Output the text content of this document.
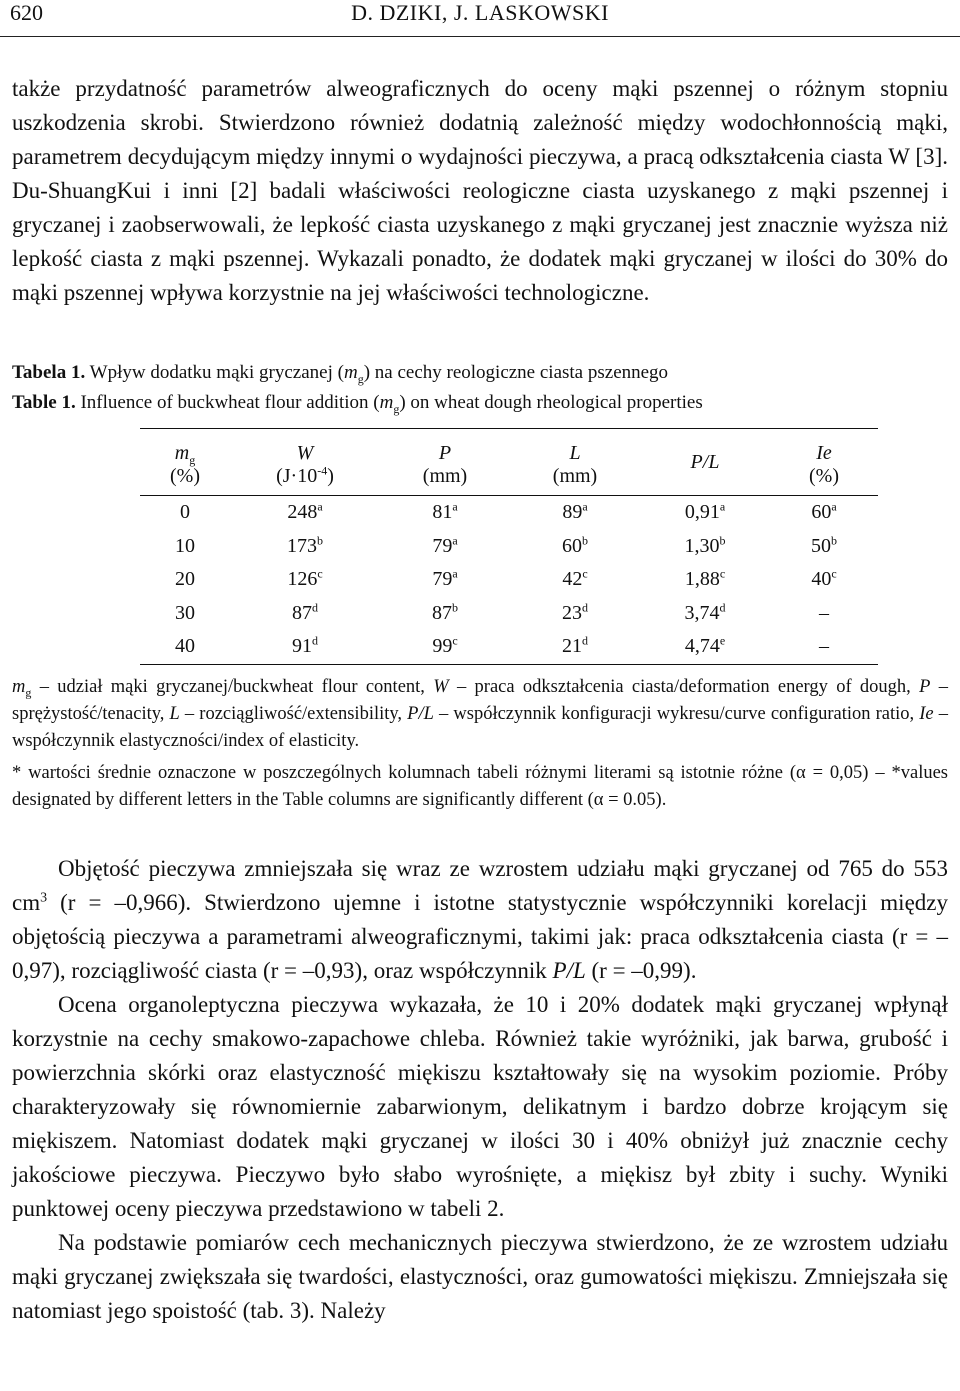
620	D. DZIKI, J. LASKOWSKI

także przydatność parametrów alweograficznych do oceny mąki pszennej o różnym stopniu uszkodzenia skrobi. Stwierdzono również dodatnią zależność między wodochłonnością mąki, parametrem decydującym między innymi o wydajności pieczywa, a pracą odkształcenia ciasta W [3]. Du-ShuangKui i inni [2] badali właściwości reologiczne ciasta uzyskanego z mąki pszennej i gryczanej i zaobserwowali, że lepkość ciasta uzyskanego z mąki gryczanej jest znacznie wyższa niż lepkość ciasta z mąki pszennej. Wykazali ponadto, że dodatek mąki gryczanej w ilości do 30% do mąki pszennej wpływa korzystnie na jej właściwości technologiczne.

Tabela 1. Wpływ dodatku mąki gryczanej $(m_g)$ na cechy reologiczne ciasta pszennego
Table 1. Influence of buckwheat flour addition $(m_g)$ on wheat dough rheological properties
$m_g$	W	P	L	P/L	Ie
(%)	$(J\cdot 10^{-4})$	(mm)	(mm)		(%)
0	248$^a$	81$^a$	89$^a$	0,91$^a$	60$^a$
10	173$^b$	79$^a$	60$^b$	1,30$^b$	50$^b$
20	126$^c$	79$^a$	42$^c$	1,88$^c$	40$^c$
30	87$^d$	87$^b$	23$^d$	3,74$^d$	–
40	91$^d$	99$^c$	21$^d$	4,74e	–
$m_g$ – udział mąki gryczanej/buckwheat flour content, W – praca odkształcenia ciasta/deformation energy of dough, P – sprężystość/tenacity, L – rozciągliwość/extensibility, P/L – współczynnik konfiguracji wykresu/curve configuration ratio, Ie – współczynnik elastyczności/index of elasticity.
* wartości średnie oznaczone w poszczególnych kolumnach tabeli różnymi literami są istotnie różne (α = 0,05) – *values designated by different letters in the Table columns are significantly different (α = 0.05).

Objętość pieczywa zmniejszała się wraz ze wzrostem udziału mąki gryczanej od 765 do 553 $cm^3$ (r = –0,966). Stwierdzono ujemne i istotne statystycznie współczynniki korelacji między objętością pieczywa a parametrami alweograficznymi, takimi jak: praca odkształcenia ciasta (r = –0,97), rozciągliwość ciasta (r = –0,93), oraz współczynnik P/L (r = –0,99).

Ocena organoleptyczna pieczywa wykazała, że 10 i 20% dodatek mąki gryczanej wpłynął korzystnie na cechy smakowo-zapachowe chleba. Również takie wyróżniki, jak barwa, grubość i powierzchnia skórki oraz elastyczność miękiszu kształtowały się na wysokim poziomie. Próby charakteryzowały się równomiernie zabarwionym, delikatnym i bardzo dobrze krojącym się miękiszem. Natomiast dodatek mąki gryczanej w ilości 30 i 40% obniżył już znacznie cechy jakościowe pieczywa. Pieczywo było słabo wyrośnięte, a miękisz był zbity i suchy. Wyniki punktowej oceny pieczywa przedstawiono w tabeli 2.

Na podstawie pomiarów cech mechanicznych pieczywa stwierdzono, że ze wzrostem udziału mąki gryczanej zwiększała się twardości, elastyczności, oraz gumowatości miękiszu. Zmniejszała się natomiast jego spoistość (tab. 3). Należy
